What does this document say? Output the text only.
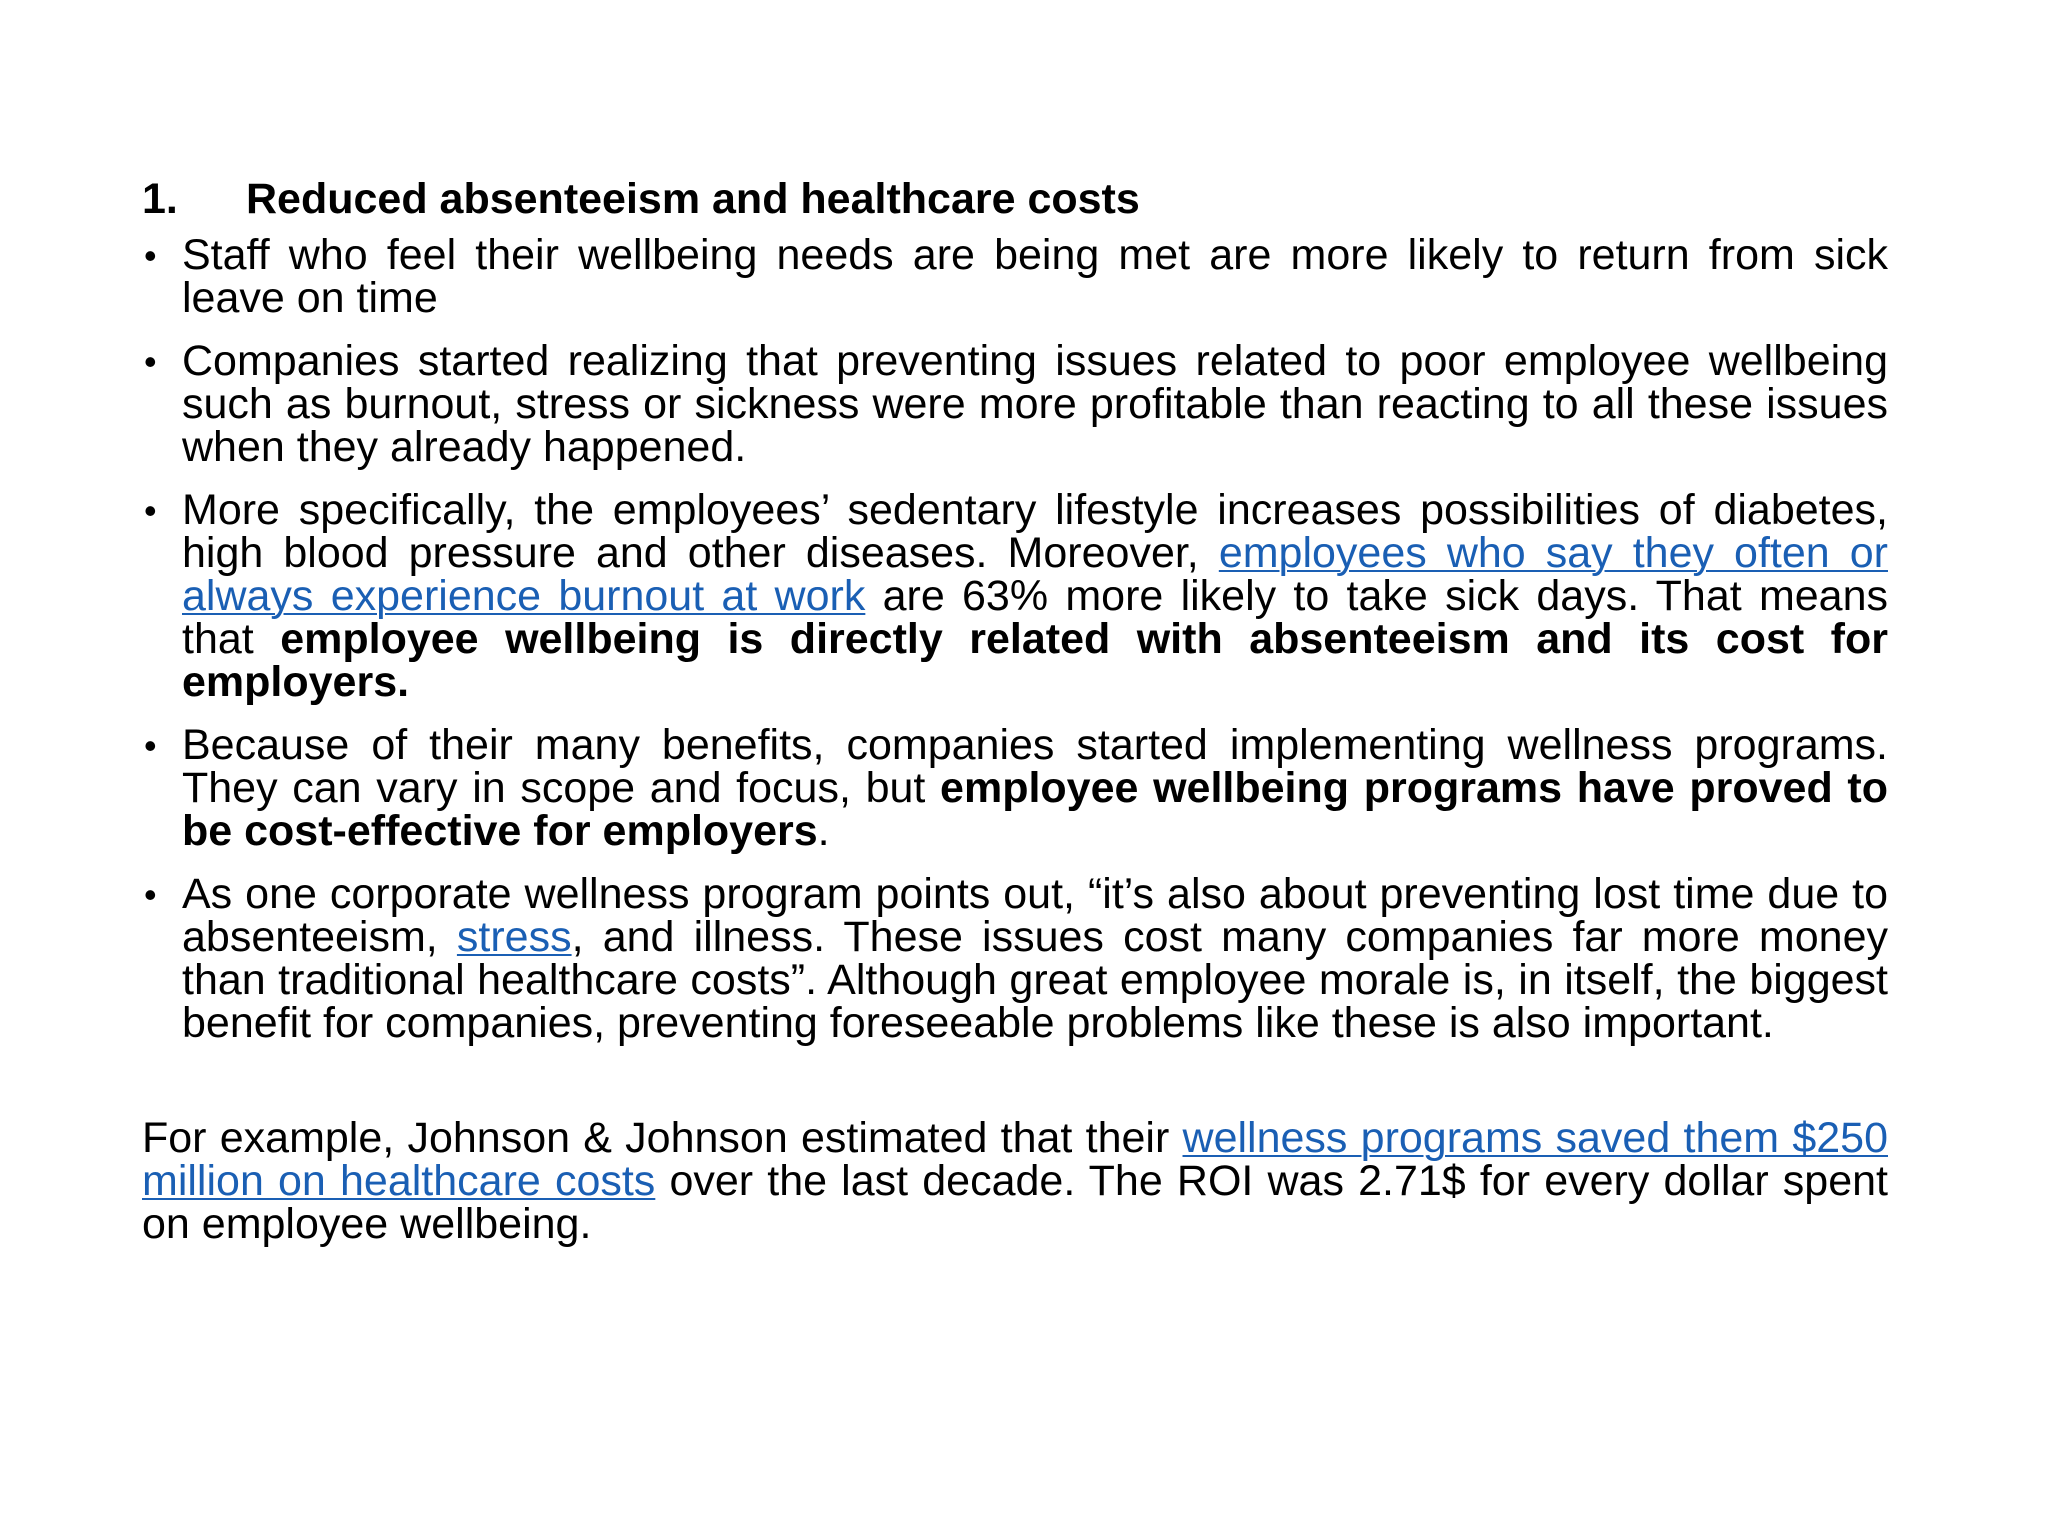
1.	Reduced absenteeism and healthcare costs
• Staff who feel their wellbeing needs are being met are more likely to return from sick leave on time
• Companies started realizing that preventing issues related to poor employee wellbeing such as burnout, stress or sickness were more profitable than reacting to all these issues when they already happened.
• More specifically, the employees’ sedentary lifestyle increases possibilities of diabetes, high blood pressure and other diseases. Moreover, employees who say they often or always experience burnout at work are 63% more likely to take sick days. That means that employee wellbeing is directly related with absenteeism and its cost for employers.
• Because of their many benefits, companies started implementing wellness programs. They can vary in scope and focus, but employee wellbeing programs have proved to be cost-effective for employers.
• As one corporate wellness program points out, “it’s also about preventing lost time due to absenteeism, stress, and illness. These issues cost many companies far more money than traditional healthcare costs”. Although great employee morale is, in itself, the biggest benefit for companies, preventing foreseeable problems like these is also important.
For example, Johnson & Johnson estimated that their wellness programs saved them $250 million on healthcare costs over the last decade. The ROI was 2.71$ for every dollar spent on employee wellbeing.
